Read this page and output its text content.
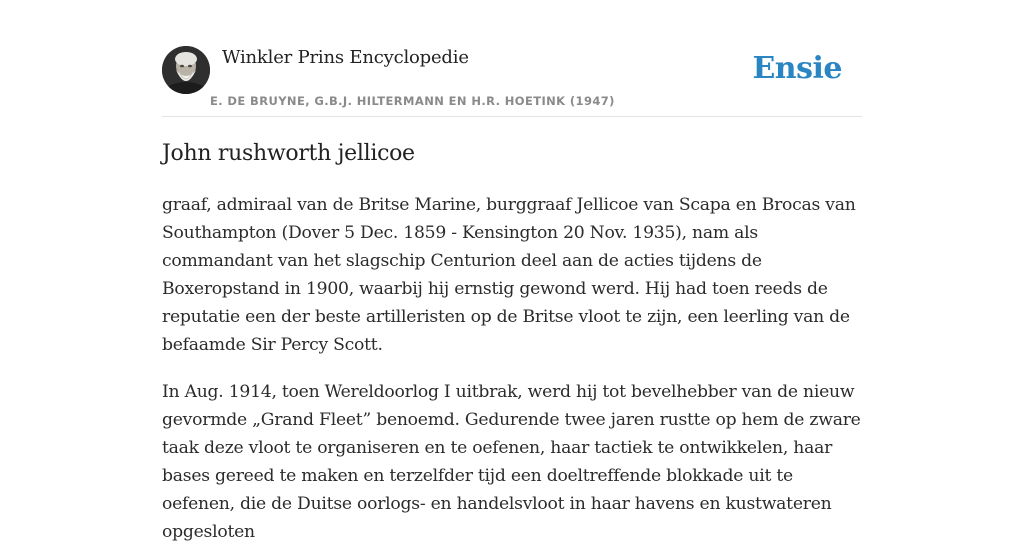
Winkler Prins Encyclopedie
E. DE BRUYNE, G.B.J. HILTERMANN EN H.R. HOETINK (1947)
Ensie
John rushworth jellicoe

graaf, admiraal van de Britse Marine, burggraaf Jellicoe van Scapa en Brocas van Southampton (Dover 5 Dec. 1859 - Kensington 20 Nov. 1935), nam als commandant van het slagschip Centurion deel aan de acties tijdens de Boxeropstand in 1900, waarbij hij ernstig gewond werd. Hij had toen reeds de reputatie een der beste artilleristen op de Britse vloot te zijn, een leerling van de befaamde Sir Percy Scott.

In Aug. 1914, toen Wereldoorlog I uitbrak, werd hij tot bevelhebber van de nieuw gevormde „Grand Fleet” benoemd. Gedurende twee jaren rustte op hem de zware taak deze vloot te organiseren en te oefenen, haar tactiek te ontwikkelen, haar bases gereed te maken en terzelfder tijd een doeltreffende blokkade uit te oefenen, die de Duitse oorlogs- en handelsvloot in haar havens en kustwateren opgesloten
